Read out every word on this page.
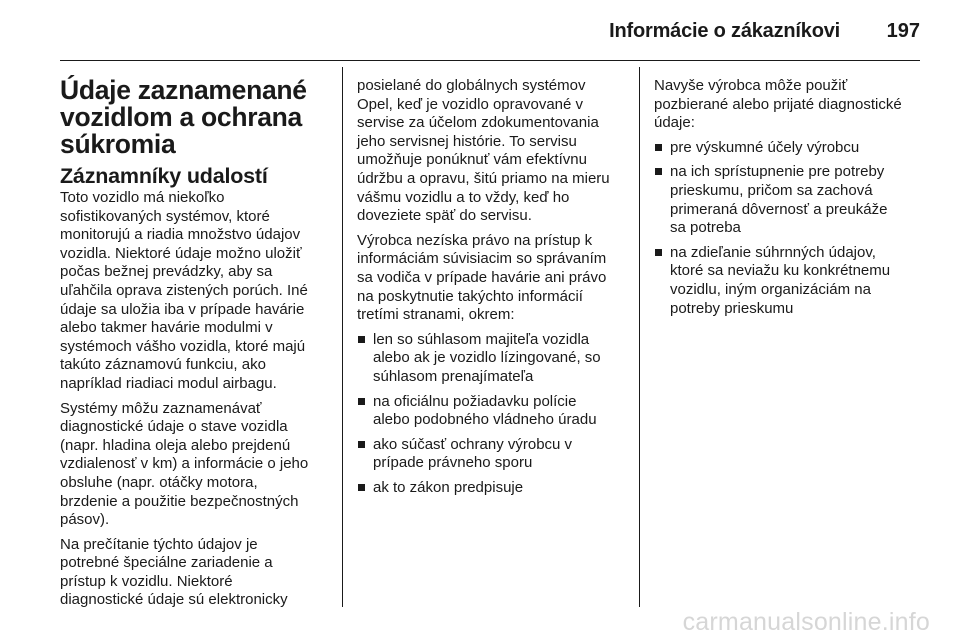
Informácie o zákazníkovi	197
Údaje zaznamenané
vozidlom a ochrana
súkromia
Záznamníky udalostí

Toto vozidlo má niekoľko
sofistikovaných systémov, ktoré
monitorujú a riadia množstvo údajov
vozidla. Niektoré údaje možno uložiť
počas bežnej prevádzky, aby sa
uľahčila oprava zistených porúch. Iné
údaje sa uložia iba v prípade havárie
alebo takmer havárie modulmi v
systémoch vášho vozidla, ktoré majú
takúto záznamovú funkciu, ako
napríklad riadiaci modul airbagu.

Systémy môžu zaznamenávať
diagnostické údaje o stave vozidla
(napr. hladina oleja alebo prejdenú
vzdialenosť v km) a informácie o jeho
obsluhe (napr. otáčky motora,
brzdenie a použitie bezpečnostných
pásov).

Na prečítanie týchto údajov je
potrebné špeciálne zariadenie a
prístup k vozidlu. Niektoré
diagnostické údaje sú elektronicky

posielané do globálnych systémov
Opel, keď je vozidlo opravované v
servise za účelom zdokumentovania
jeho servisnej histórie. To servisu
umožňuje ponúknuť vám efektívnu
údržbu a opravu, šitú priamo na mieru
vášmu vozidlu a to vždy, keď ho
doveziete späť do servisu.

Výrobca nezíska právo na prístup k
informáciám súvisiacim so správaním
sa vodiča v prípade havárie ani právo
na poskytnutie takýchto informácií
tretími stranami, okrem:

len so súhlasom majiteľa vozidla
alebo ak je vozidlo lízingované, so
súhlasom prenajímateľa
na oficiálnu požiadavku polície
alebo podobného vládneho úradu
ako súčasť ochrany výrobcu v
prípade právneho sporu
ak to zákon predpisuje

Navyše výrobca môže použiť
pozbierané alebo prijaté diagnostické
údaje:

pre výskumné účely výrobcu
na ich sprístupnenie pre potreby
prieskumu, pričom sa zachová
primeraná dôvernosť a preukáže
sa potreba
na zdieľanie súhrnných údajov,
ktoré sa neviažu ku konkrétnemu
vozidlu, iným organizáciám na
potreby prieskumu
carmanualsonline.info
